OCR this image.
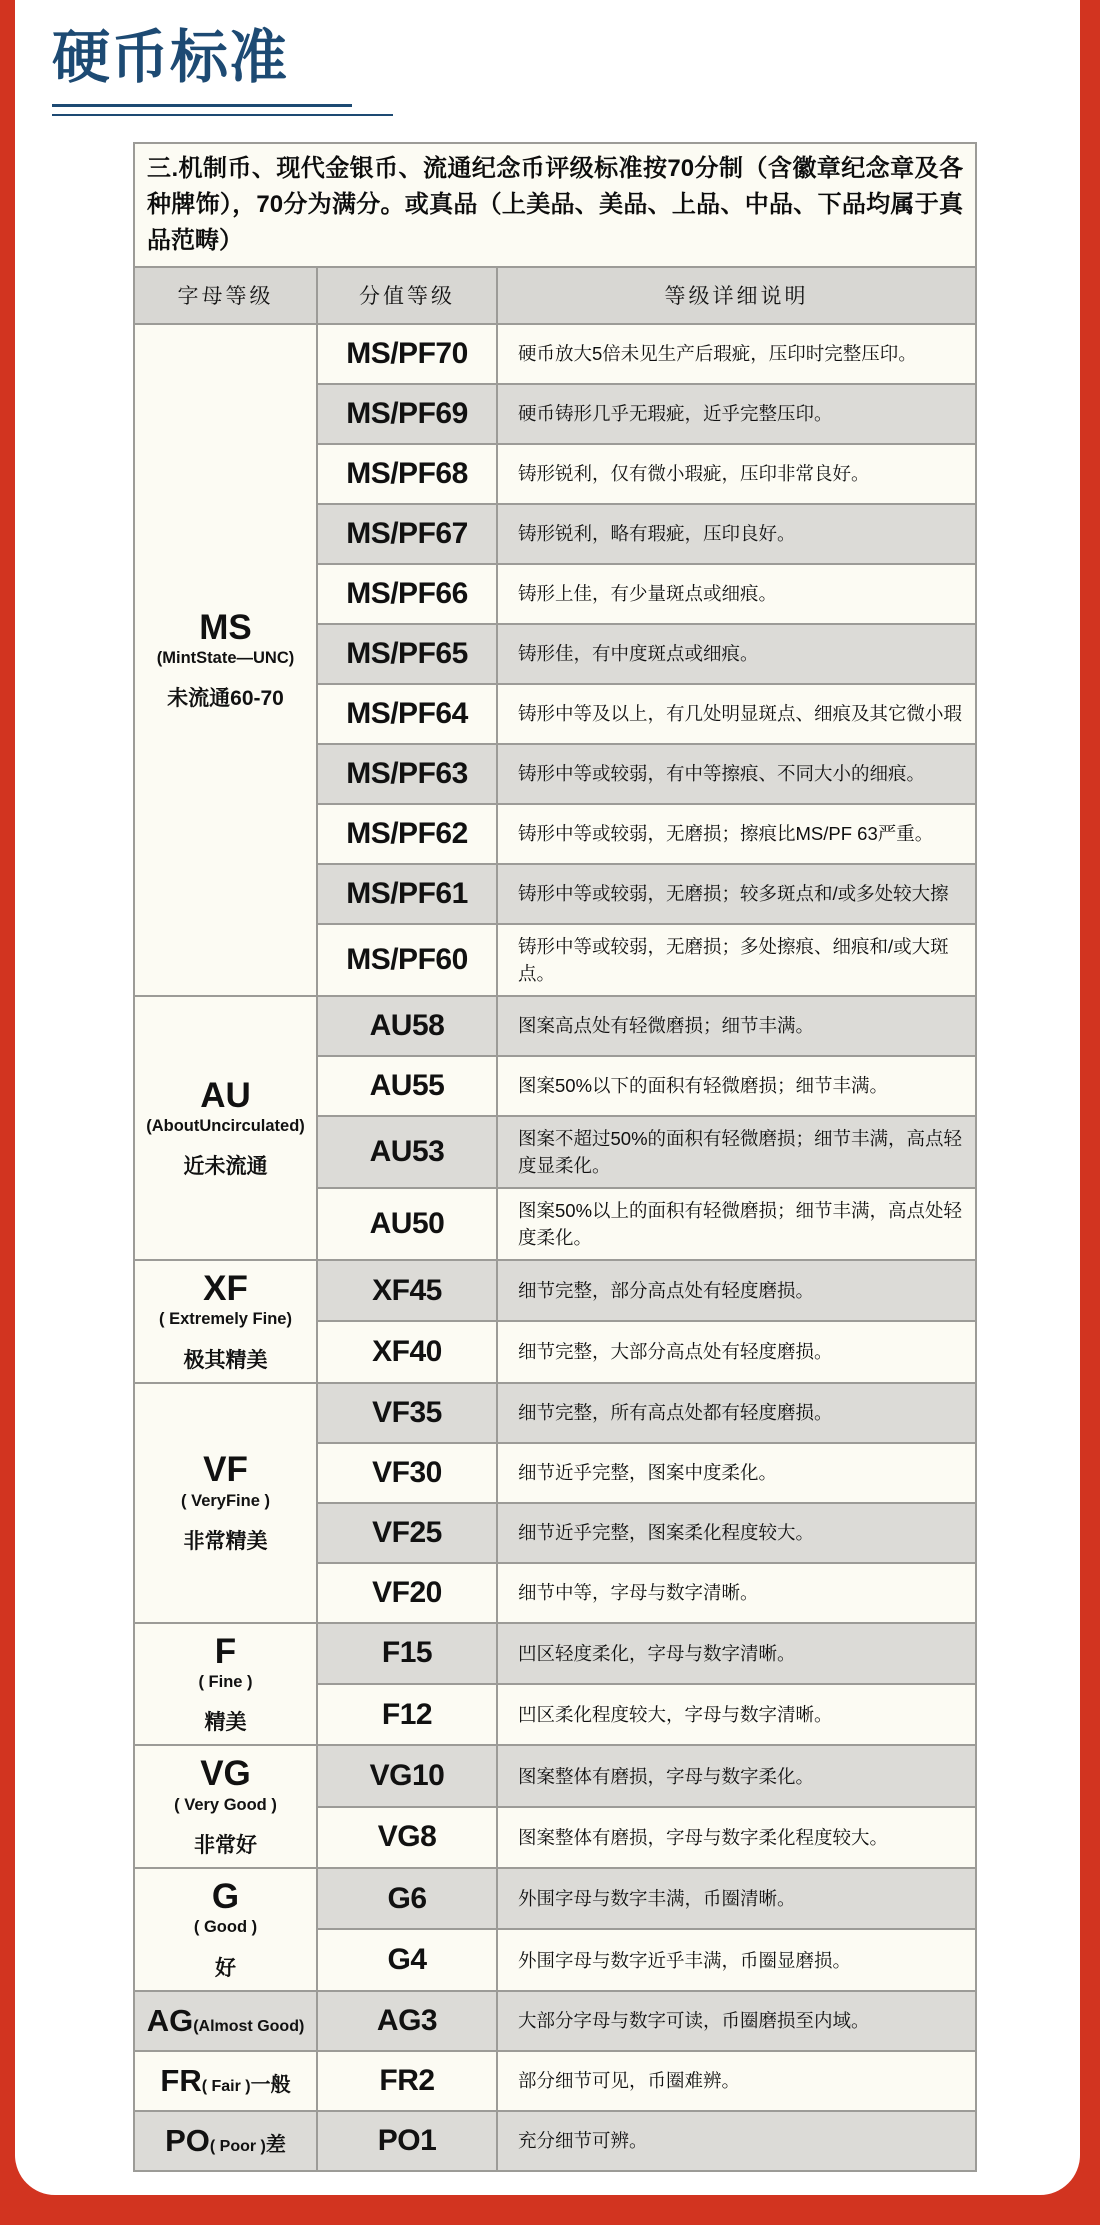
硬币标准
三.机制币、现代金银币、流通纪念币评级标准按70分制（含徽章纪念章及各种牌饰），70分为满分。或真品（上美品、美品、上品、中品、下品均属于真品范畴）		
字母等级	分值等级	等级详细说明

MS
(MintState—UNC)
未流通60-70	MS/PF70	硬币放大5倍未见生产后瑕疵，压印时完整压印。
	MS/PF69	硬币铸形几乎无瑕疵，近乎完整压印。
	MS/PF68	铸形锐利，仅有微小瑕疵，压印非常良好。
	MS/PF67	铸形锐利，略有瑕疵，压印良好。
	MS/PF66	铸形上佳，有少量斑点或细痕。
	MS/PF65	铸形佳，有中度斑点或细痕。
	MS/PF64	铸形中等及以上，有几处明显斑点、细痕及其它微小瑕
	MS/PF63	铸形中等或较弱，有中等擦痕、不同大小的细痕。
	MS/PF62	铸形中等或较弱，无磨损；擦痕比MS/PF 63严重。
	MS/PF61	铸形中等或较弱，无磨损；较多斑点和/或多处较大擦
	MS/PF60	铸形中等或较弱，无磨损；多处擦痕、细痕和/或大斑点。

AU
(AboutUncirculated)
近未流通	AU58	图案高点处有轻微磨损；细节丰满。
	AU55	图案50%以下的面积有轻微磨损；细节丰满。
	AU53	图案不超过50%的面积有轻微磨损；细节丰满，高点轻度显柔化。
	AU50	图案50%以上的面积有轻微磨损；细节丰满，高点处轻度柔化。

XF
( Extremely Fine)
极其精美	XF45	细节完整，部分高点处有轻度磨损。
	XF40	细节完整，大部分高点处有轻度磨损。

VF
( VeryFine )
非常精美	VF35	细节完整，所有高点处都有轻度磨损。
	VF30	细节近乎完整，图案中度柔化。
	VF25	细节近乎完整，图案柔化程度较大。
	VF20	细节中等，字母与数字清晰。

F
( Fine )
精美	F15	凹区轻度柔化，字母与数字清晰。
	F12	凹区柔化程度较大，字母与数字清晰。

VG
( Very Good )
非常好	VG10	图案整体有磨损，字母与数字柔化。
	VG8	图案整体有磨损，字母与数字柔化程度较大。

G
( Good )
好	G6	外围字母与数字丰满，币圈清晰。
	G4	外围字母与数字近乎丰满，币圈显磨损。
AG(Almost Good)	AG3	大部分字母与数字可读，币圈磨损至内域。
FR( Fair )一般	FR2	部分细节可见，币圈难辨。
PO( Poor )差	PO1	充分细节可辨。
